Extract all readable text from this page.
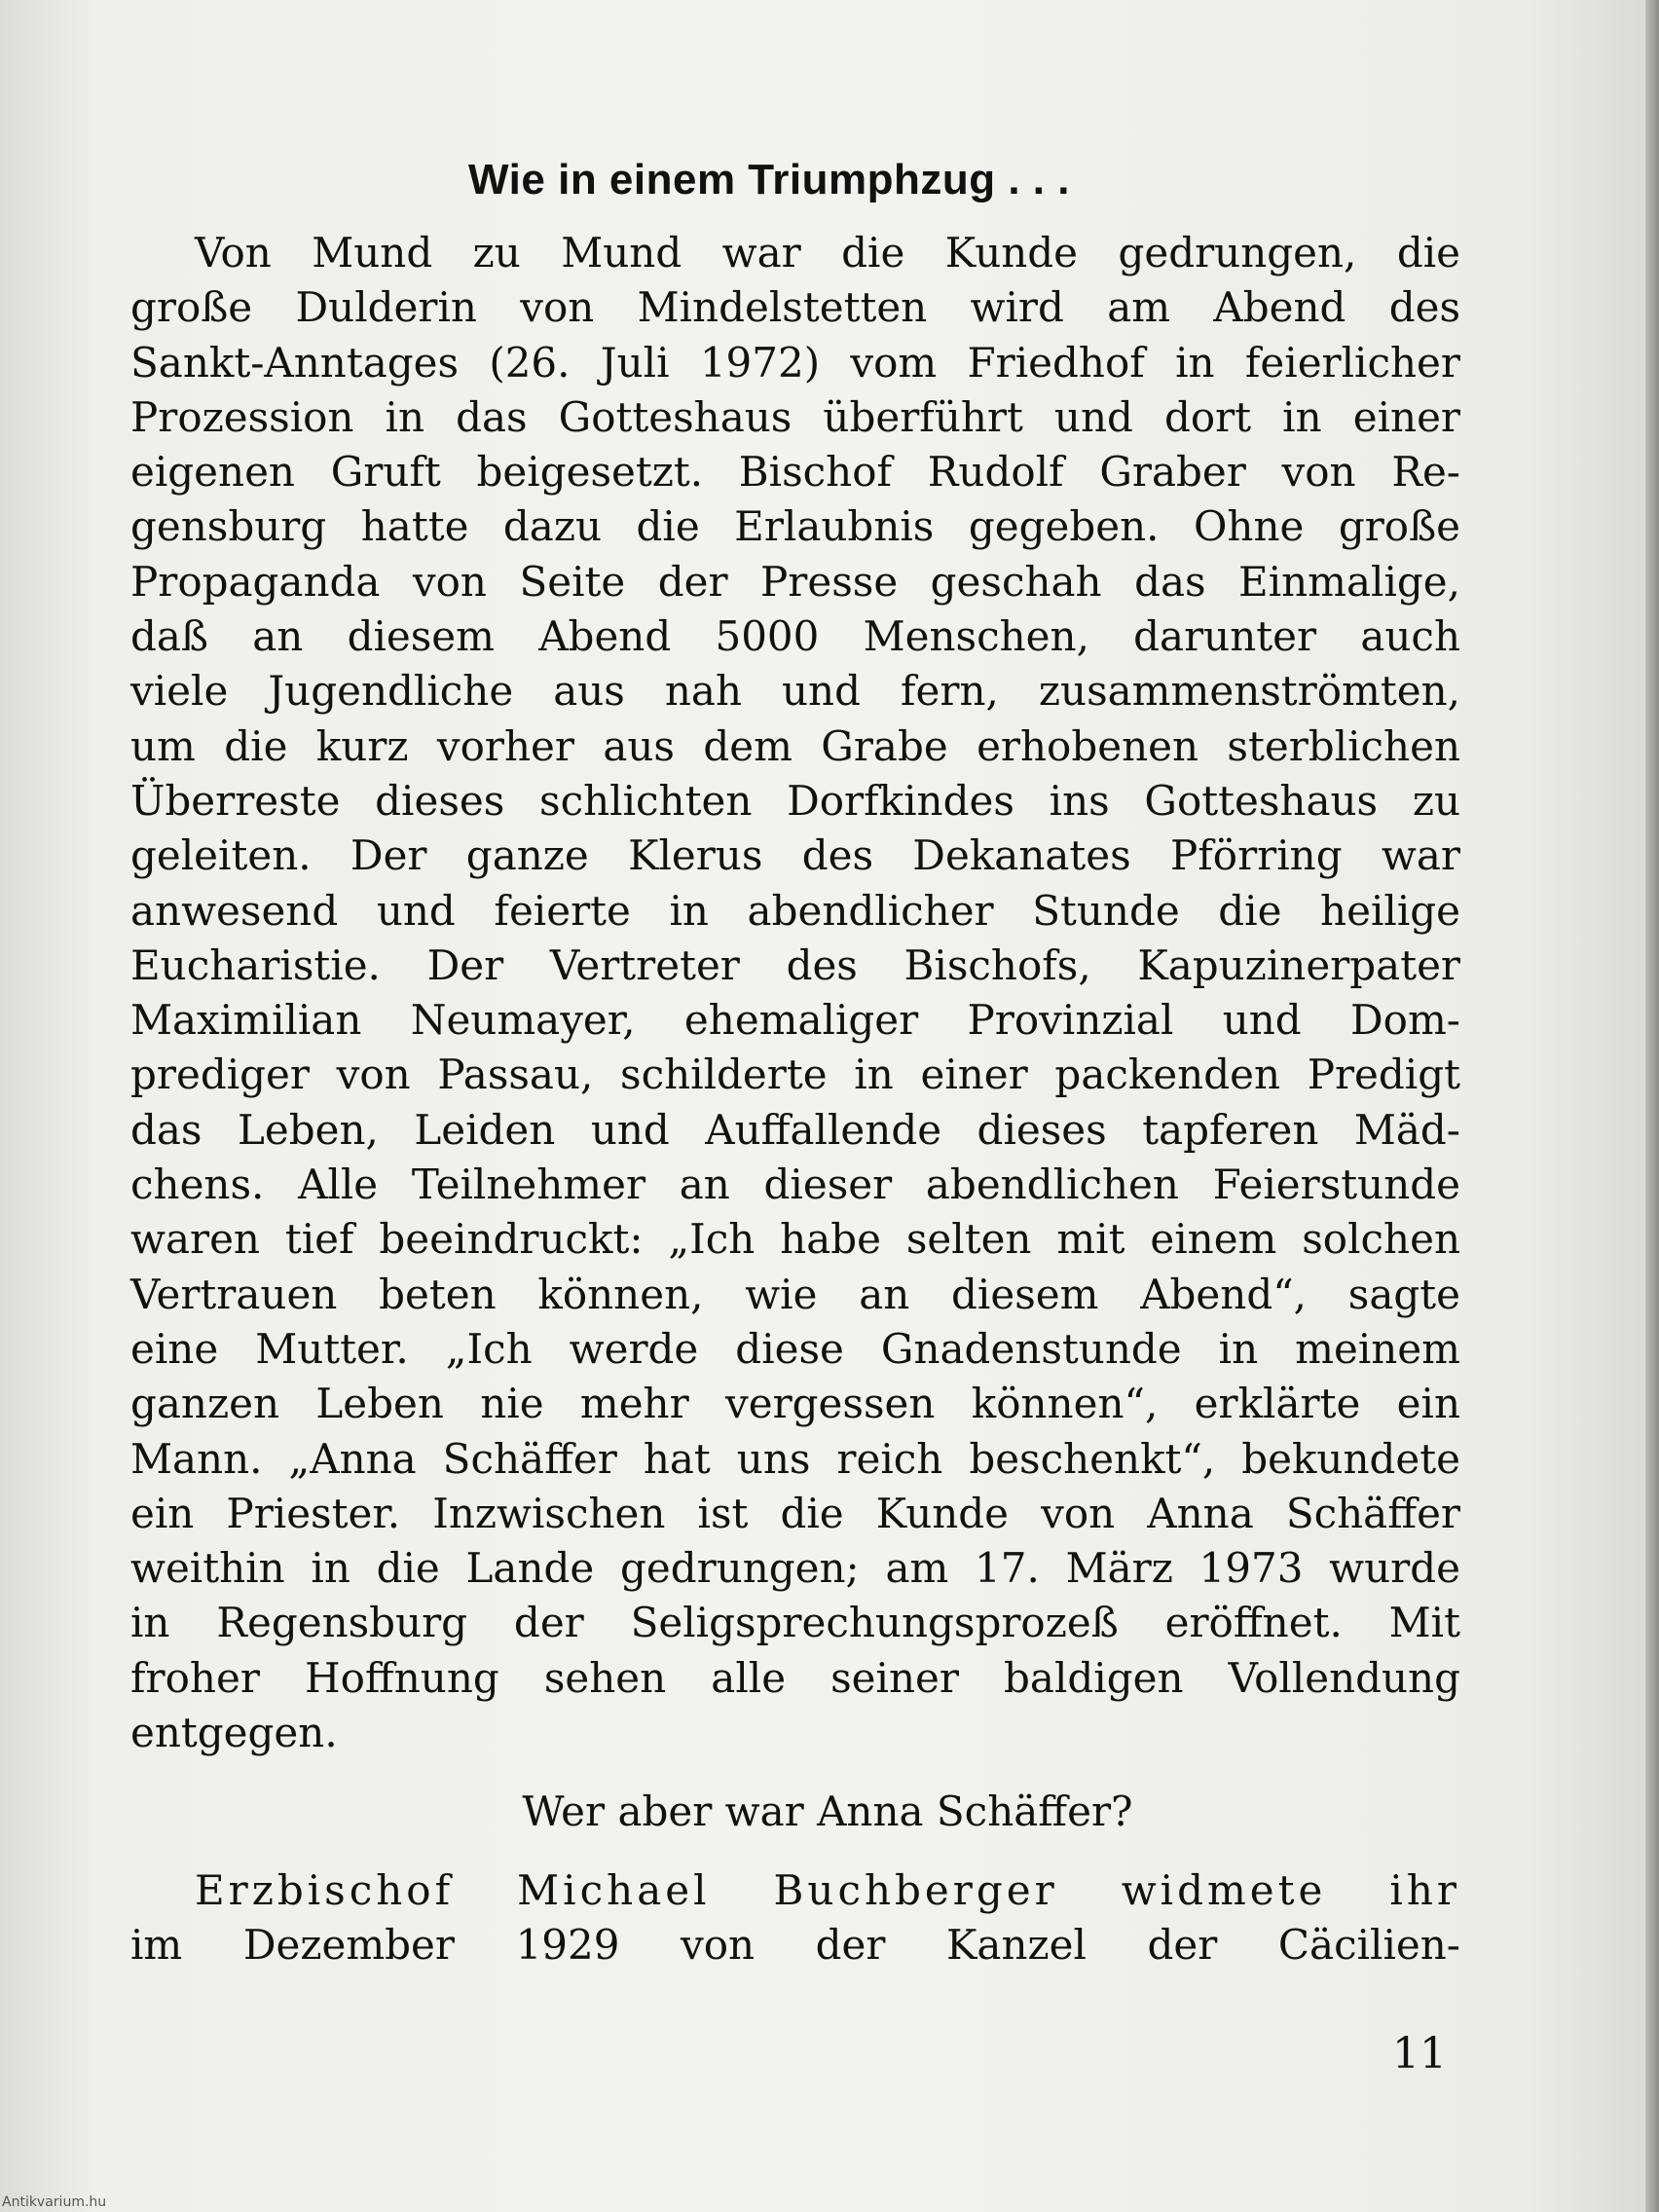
Wie in einem Triumphzug . . .
Von Mund zu Mund war die Kunde gedrungen, die
große Dulderin von Mindelstetten wird am Abend des
Sankt-Anntages (26. Juli 1972) vom Friedhof in feierlicher
Prozession in das Gotteshaus überführt und dort in einer
eigenen Gruft beigesetzt. Bischof Rudolf Graber von Re-
gensburg hatte dazu die Erlaubnis gegeben. Ohne große
Propaganda von Seite der Presse geschah das Einmalige,
daß an diesem Abend 5000 Menschen, darunter auch
viele Jugendliche aus nah und fern, zusammenströmten,
um die kurz vorher aus dem Grabe erhobenen sterblichen
Überreste dieses schlichten Dorfkindes ins Gotteshaus zu
geleiten. Der ganze Klerus des Dekanates Pförring war
anwesend und feierte in abendlicher Stunde die heilige
Eucharistie. Der Vertreter des Bischofs, Kapuzinerpater
Maximilian Neumayer, ehemaliger Provinzial und Dom-
prediger von Passau, schilderte in einer packenden Predigt
das Leben, Leiden und Auffallende dieses tapferen Mäd-
chens. Alle Teilnehmer an dieser abendlichen Feierstunde
waren tief beeindruckt: „Ich habe selten mit einem solchen
Vertrauen beten können, wie an diesem Abend“, sagte
eine Mutter. „Ich werde diese Gnadenstunde in meinem
ganzen Leben nie mehr vergessen können“, erklärte ein
Mann. „Anna Schäffer hat uns reich beschenkt“, bekundete
ein Priester. Inzwischen ist die Kunde von Anna Schäffer
weithin in die Lande gedrungen; am 17. März 1973 wurde
in Regensburg der Seligsprechungsprozeß eröffnet. Mit
froher Hoffnung sehen alle seiner baldigen Vollendung
entgegen.
Wer aber war Anna Schäffer?
Erzbischof Michael Buchberger widmete ihr
im Dezember 1929 von der Kanzel der Cäcilien-
11
Antikvarium.hu
